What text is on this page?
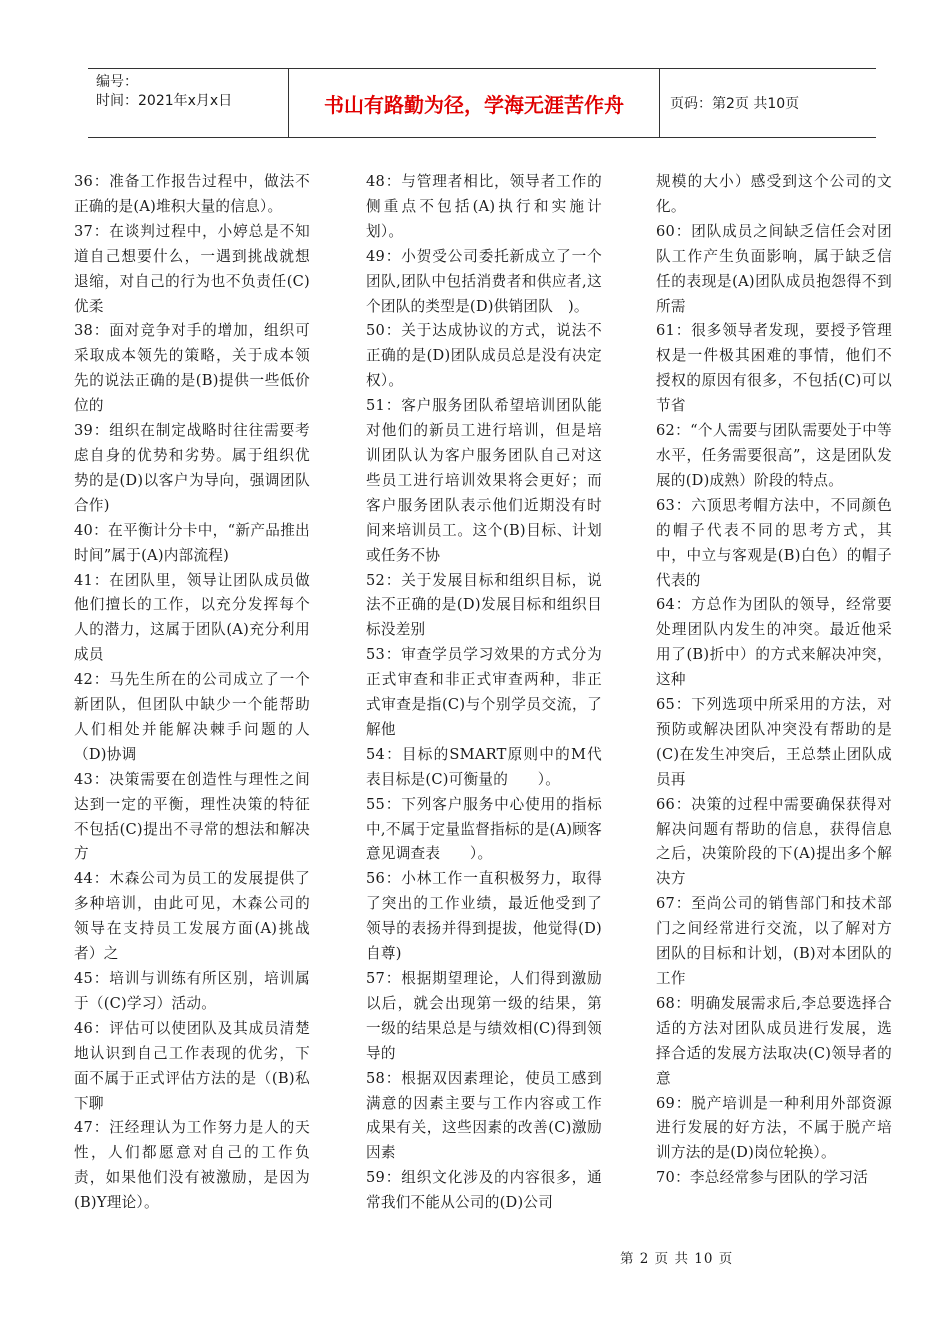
编号：
时间：2021年x月x日	书山有路勤为径，学海无涯苦作舟	页码：第2页 共10页

36：准备工作报告过程中，做法不正确的是(A)堆积大量的信息）。

37：在谈判过程中，小婷总是不知道自己想要什么，一遇到挑战就想退缩，对自己的行为也不负责任(C)优柔

38：面对竞争对手的增加，组织可采取成本领先的策略，关于成本领先的说法正确的是(B)提供一些低价位的

39：组织在制定战略时往往需要考虑自身的优势和劣势。属于组织优势的是(D)以客户为导向，强调团队合作)

40：在平衡计分卡中，“新产品推出时间”属于(A)内部流程)

41：在团队里，领导让团队成员做他们擅长的工作，以充分发挥每个人的潜力，这属于团队(A)充分利用成员

42：马先生所在的公司成立了一个新团队，但团队中缺少一个能帮助人们相处并能解决棘手问题的人（D)协调

43：决策需要在创造性与理性之间达到一定的平衡，理性决策的特征不包括(C)提出不寻常的想法和解决方

44：木森公司为员工的发展提供了多种培训，由此可见，木森公司的领导在支持员工发展方面(A)挑战者）之

45：培训与训练有所区别，培训属于（(C)学习）活动。

46：评估可以使团队及其成员清楚地认识到自己工作表现的优劣，下面不属于正式评估方法的是（(B)私下聊

47：汪经理认为工作努力是人的天性，人们都愿意对自己的工作负责，如果他们没有被激励，是因为(B)Y理论）。

48：与管理者相比，领导者工作的侧重点不包括(A)执行和实施计划）。

49：小贺受公司委托新成立了一个团队,团队中包括消费者和供应者,这个团队的类型是(D)供销团队　)。

50：关于达成协议的方式，说法不正确的是(D)团队成员总是没有决定权）。

51：客户服务团队希望培训团队能对他们的新员工进行培训，但是培训团队认为客户服务团队自己对这些员工进行培训效果将会更好；而客户服务团队表示他们近期没有时间来培训员工。这个(B)目标、计划或任务不协

52：关于发展目标和组织目标，说法不正确的是(D)发展目标和组织目标没差别

53：审查学员学习效果的方式分为正式审查和非正式审查两种，非正式审查是指(C)与个别学员交流，了解他

54：目标的SMART原则中的M代表目标是(C)可衡量的　　）。

55：下列客户服务中心使用的指标中,不属于定量监督指标的是(A)顾客意见调查表　　）。

56：小林工作一直积极努力，取得了突出的工作业绩，最近他受到了领导的表扬并得到提拔，他觉得(D)自尊)

57：根据期望理论，人们得到激励以后，就会出现第一级的结果，第一级的结果总是与绩效相(C)得到领导的

58：根据双因素理论，使员工感到满意的因素主要与工作内容或工作成果有关，这些因素的改善(C)激励因素

59：组织文化涉及的内容很多，通常我们不能从公司的(D)公司

规模的大小）感受到这个公司的文化。

60：团队成员之间缺乏信任会对团队工作产生负面影响，属于缺乏信任的表现是(A)团队成员抱怨得不到所需

61：很多领导者发现，要授予管理权是一件极其困难的事情，他们不授权的原因有很多，不包括(C)可以节省

62：“个人需要与团队需要处于中等水平，任务需要很高”，这是团队发展的(D)成熟）阶段的特点。

63：六顶思考帽方法中，不同颜色的帽子代表不同的思考方式，其中，中立与客观是(B)白色）的帽子代表的

64：方总作为团队的领导，经常要处理团队内发生的冲突。最近他采用了(B)折中）的方式来解决冲突，这种

65：下列选项中所采用的方法，对预防或解决团队冲突没有帮助的是(C)在发生冲突后，王总禁止团队成员再

66：决策的过程中需要确保获得对解决问题有帮助的信息，获得信息之后，决策阶段的下(A)提出多个解决方

67：至尚公司的销售部门和技术部门之间经常进行交流，以了解对方团队的目标和计划，(B)对本团队的工作

68：明确发展需求后,李总要选择合适的方法对团队成员进行发展，选择合适的发展方法取决(C)领导者的意

69：脱产培训是一种利用外部资源进行发展的好方法，不属于脱产培训方法的是(D)岗位轮换）。

70：李总经常参与团队的学习活

第 2 页 共 10 页
